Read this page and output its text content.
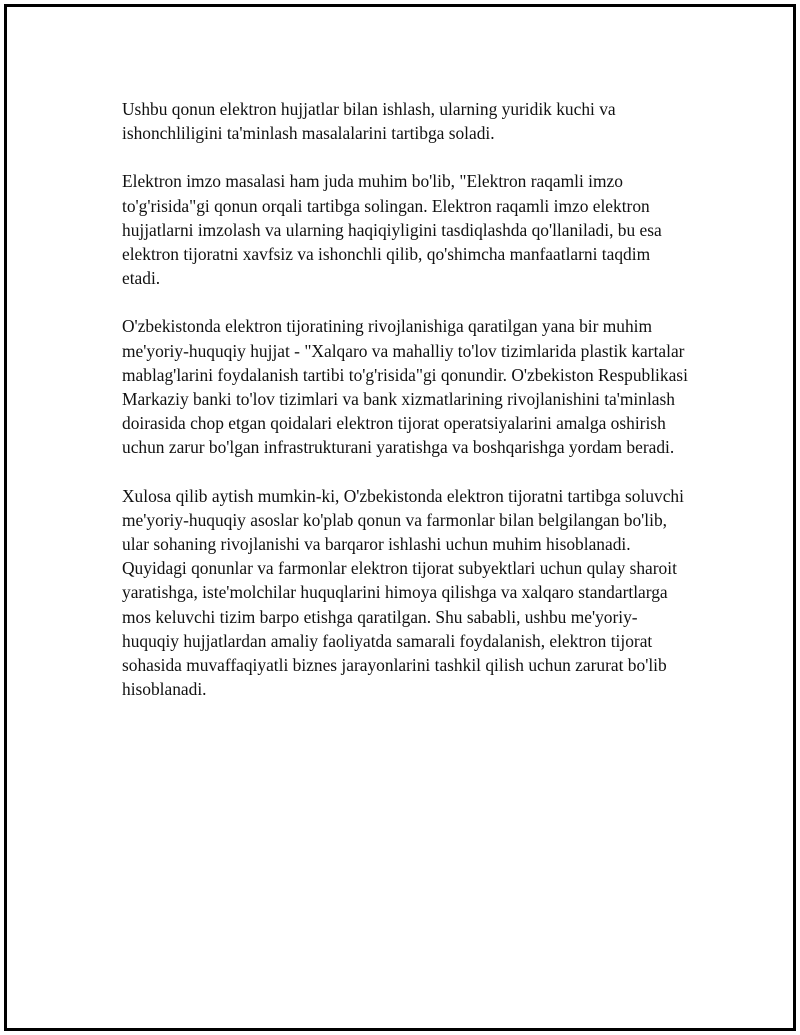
Ushbu qonun elektron hujjatlar bilan ishlash, ularning yuridik kuchi va ishonchliligini ta'minlash masalalarini tartibga soladi.

Elektron imzo masalasi ham juda muhim bo'lib, "Elektron raqamli imzo to'g'risida"gi qonun orqali tartibga solingan. Elektron raqamli imzo elektron hujjatlarni imzolash va ularning haqiqiyligini tasdiqlashda qo'llaniladi, bu esa elektron tijoratni xavfsiz va ishonchli qilib, qo'shimcha manfaatlarni taqdim etadi.

O'zbekistonda elektron tijoratining rivojlanishiga qaratilgan yana bir muhim me'yoriy-huquqiy hujjat - "Xalqaro va mahalliy to'lov tizimlarida plastik kartalar mablag'larini foydalanish tartibi to'g'risida"gi qonundir. O'zbekiston Respublikasi Markaziy banki to'lov tizimlari va bank xizmatlarining rivojlanishini ta'minlash doirasida chop etgan qoidalari elektron tijorat operatsiyalarini amalga oshirish uchun zarur bo'lgan infrastrukturani yaratishga va boshqarishga yordam beradi.

Xulosa qilib aytish mumkin-ki, O'zbekistonda elektron tijoratni tartibga soluvchi me'yoriy-huquqiy asoslar ko'plab qonun va farmonlar bilan belgilangan bo'lib, ular sohaning rivojlanishi va barqaror ishlashi uchun muhim hisoblanadi. Quyidagi qonunlar va farmonlar elektron tijorat subyektlari uchun qulay sharoit yaratishga, iste'molchilar huquqlarini himoya qilishga va xalqaro standartlarga mos keluvchi tizim barpo etishga qaratilgan. Shu sababli, ushbu me'yoriy-huquqiy hujjatlardan amaliy faoliyatda samarali foydalanish, elektron tijorat sohasida muvaffaqiyatli biznes jarayonlarini tashkil qilish uchun zarurat bo'lib hisoblanadi.
